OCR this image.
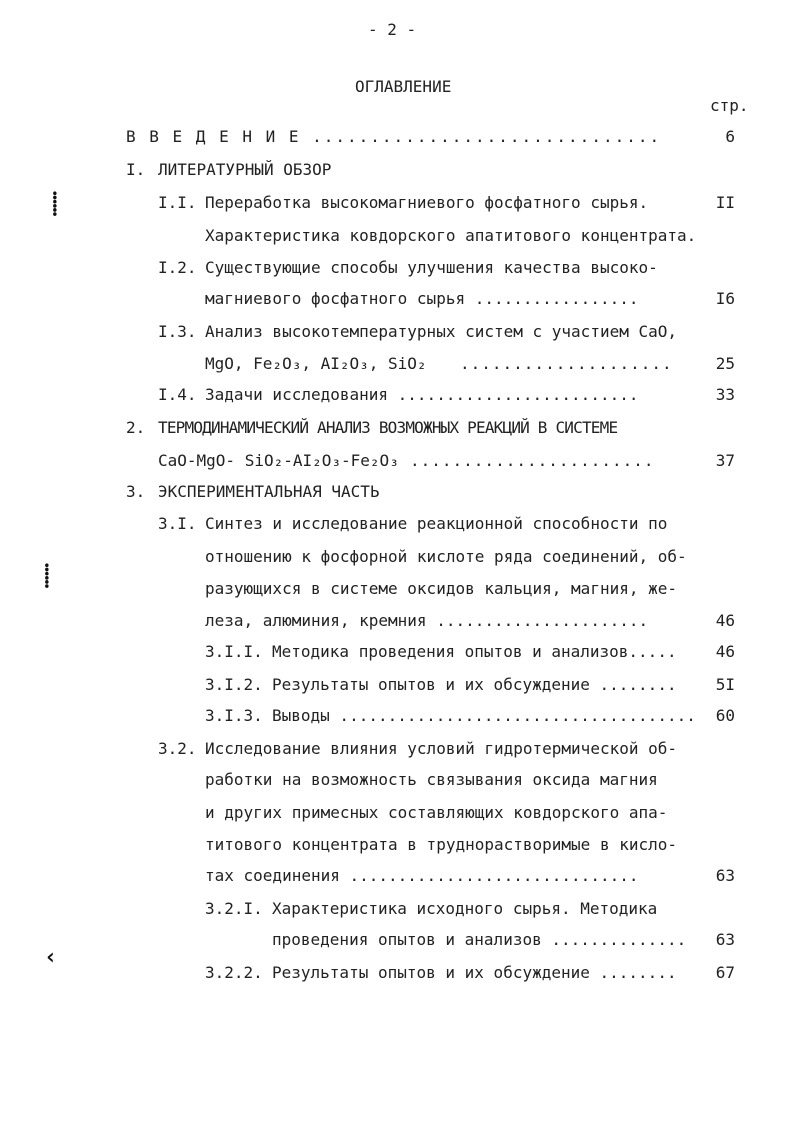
- 2 -
ОГЛАВЛЕНИЕ
стр.
⸽
⸽
‹
В В Е Д Е Н И Е ..............................	6
I. ЛИТЕРАТУРНЫЙ ОБЗОР
I.I. Переработка высокомагниевого фосфатного сырья.	II
Характеристика ковдорского апатитового концентрата.
I.2. Существующие способы улучшения качества высоко-
магниевого фосфатного сырья .................	I6
I.3. Анализ высокотемпературных систем с участием CaO,
MgO, Fe₂O₃, AI₂O₃, SiO₂ ....................	25
I.4. Задачи исследования .........................	33
2. ТЕРМОДИНАМИЧЕСКИЙ АНАЛИЗ ВОЗМОЖНЫХ РЕАКЦИЙ В СИСТЕМЕ
CaO-MgO- SiO₂-AI₂O₃-Fe₂O₃ .......................	37
3. ЭКСПЕРИМЕНТАЛЬНАЯ ЧАСТЬ
3.I. Синтез и исследование реакционной способности по
отношению к фосфорной кислоте ряда соединений, об-
разующихся в системе оксидов кальция, магния, же-
леза, алюминия, кремния ......................	46
3.I.I. Методика проведения опытов и анализов..... 46
3.I.2. Результаты опытов и их обсуждение ........ 5I
3.I.3. Выводы ..................................... 60
3.2. Исследование влияния условий гидротермической об-
работки на возможность связывания оксида магния
и других примесных составляющих ковдорского апа-
титового концентрата в труднорастворимые в кисло-
тах соединения ..............................	63
3.2.I. Характеристика исходного сырья. Методика
проведения опытов и анализов .............. 63
3.2.2. Результаты опытов и их обсуждение ........ 67
